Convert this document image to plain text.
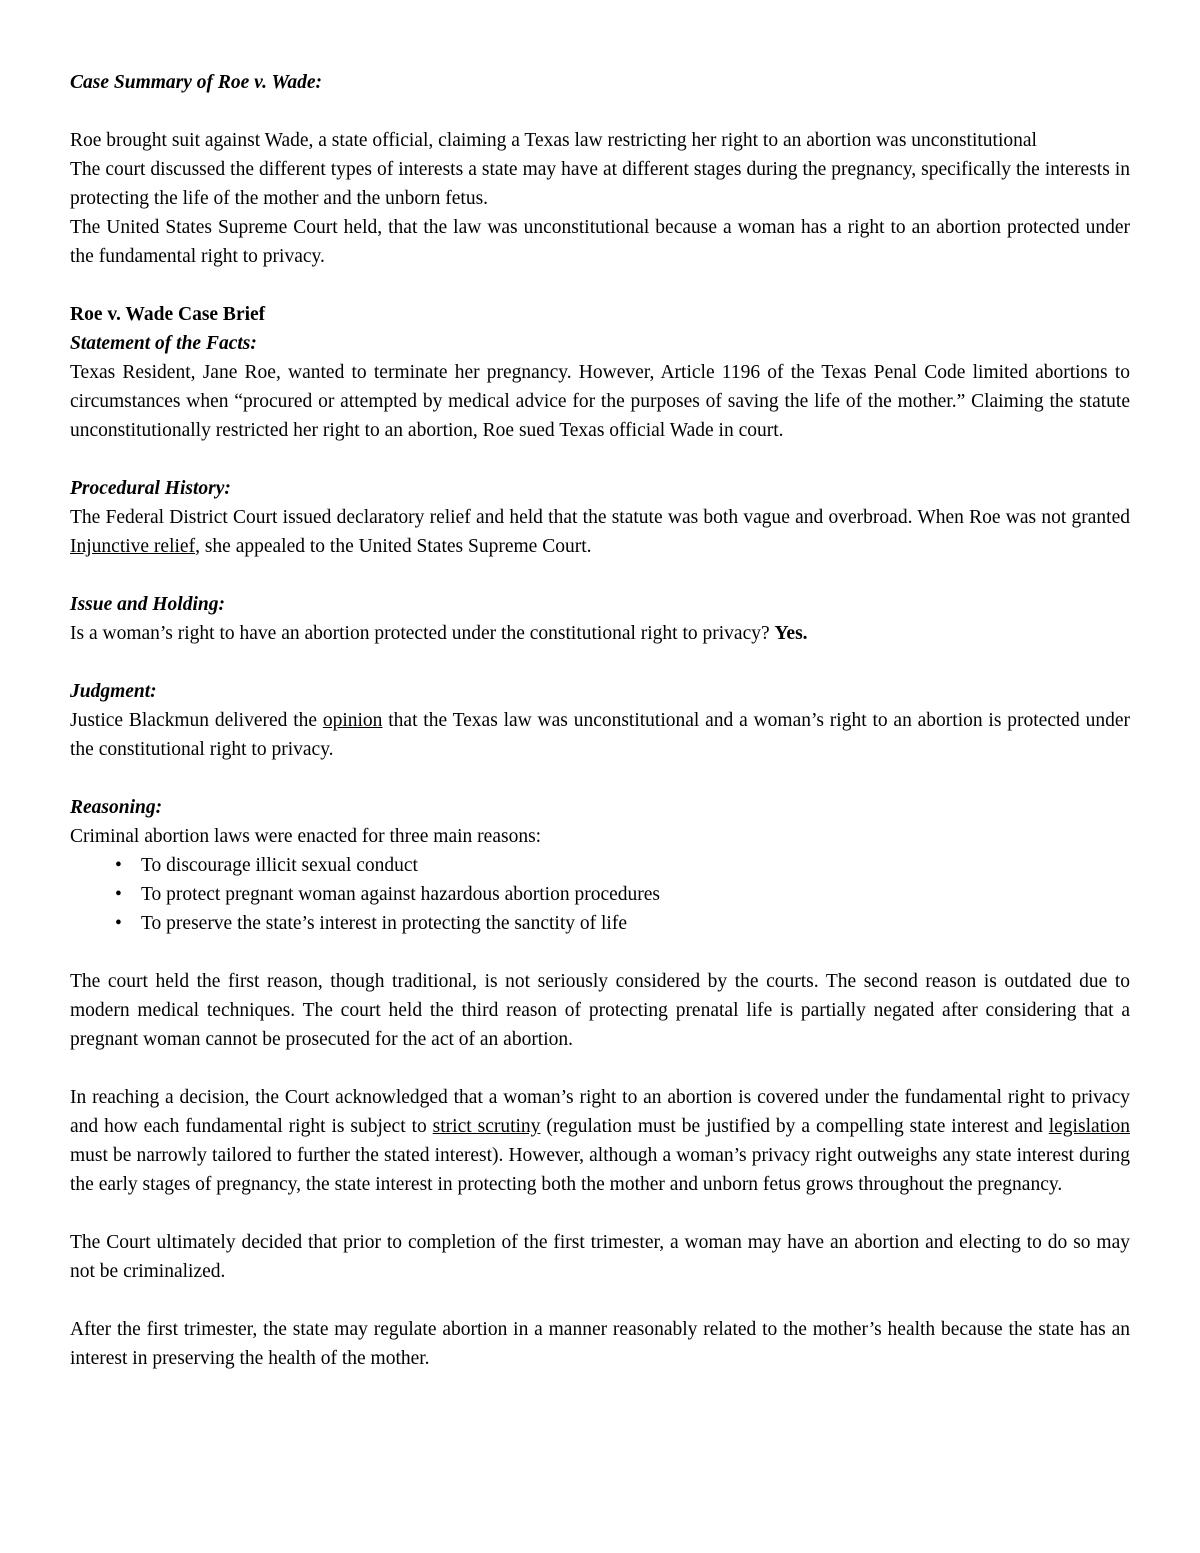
Case Summary of Roe v. Wade:

Roe brought suit against Wade, a state official, claiming a Texas law restricting her right to an abortion was unconstitutional

The court discussed the different types of interests a state may have at different stages during the pregnancy, specifically the interests in protecting the life of the mother and the unborn fetus.

The United States Supreme Court held, that the law was unconstitutional because a woman has a right to an abortion protected under the fundamental right to privacy.

Roe v. Wade Case Brief

Statement of the Facts:

Texas Resident, Jane Roe, wanted to terminate her pregnancy. However, Article 1196 of the Texas Penal Code limited abortions to circumstances when “procured or attempted by medical advice for the purposes of saving the life of the mother.” Claiming the statute unconstitutionally restricted her right to an abortion, Roe sued Texas official Wade in court.

Procedural History:

The Federal District Court issued declaratory relief and held that the statute was both vague and overbroad. When Roe was not granted Injunctive relief, she appealed to the United States Supreme Court.

Issue and Holding:

Is a woman’s right to have an abortion protected under the constitutional right to privacy? Yes.

Judgment:

Justice Blackmun delivered the opinion that the Texas law was unconstitutional and a woman’s right to an abortion is protected under the constitutional right to privacy.

Reasoning:

Criminal abortion laws were enacted for three main reasons:

• To discourage illicit sexual conduct
• To protect pregnant woman against hazardous abortion procedures
• To preserve the state’s interest in protecting the sanctity of life

The court held the first reason, though traditional, is not seriously considered by the courts. The second reason is outdated due to modern medical techniques. The court held the third reason of protecting prenatal life is partially negated after considering that a pregnant woman cannot be prosecuted for the act of an abortion.

In reaching a decision, the Court acknowledged that a woman’s right to an abortion is covered under the fundamental right to privacy and how each fundamental right is subject to strict scrutiny (regulation must be justified by a compelling state interest and legislation must be narrowly tailored to further the stated interest). However, although a woman’s privacy right outweighs any state interest during the early stages of pregnancy, the state interest in protecting both the mother and unborn fetus grows throughout the pregnancy.

The Court ultimately decided that prior to completion of the first trimester, a woman may have an abortion and electing to do so may not be criminalized.

After the first trimester, the state may regulate abortion in a manner reasonably related to the mother’s health because the state has an interest in preserving the health of the mother.
